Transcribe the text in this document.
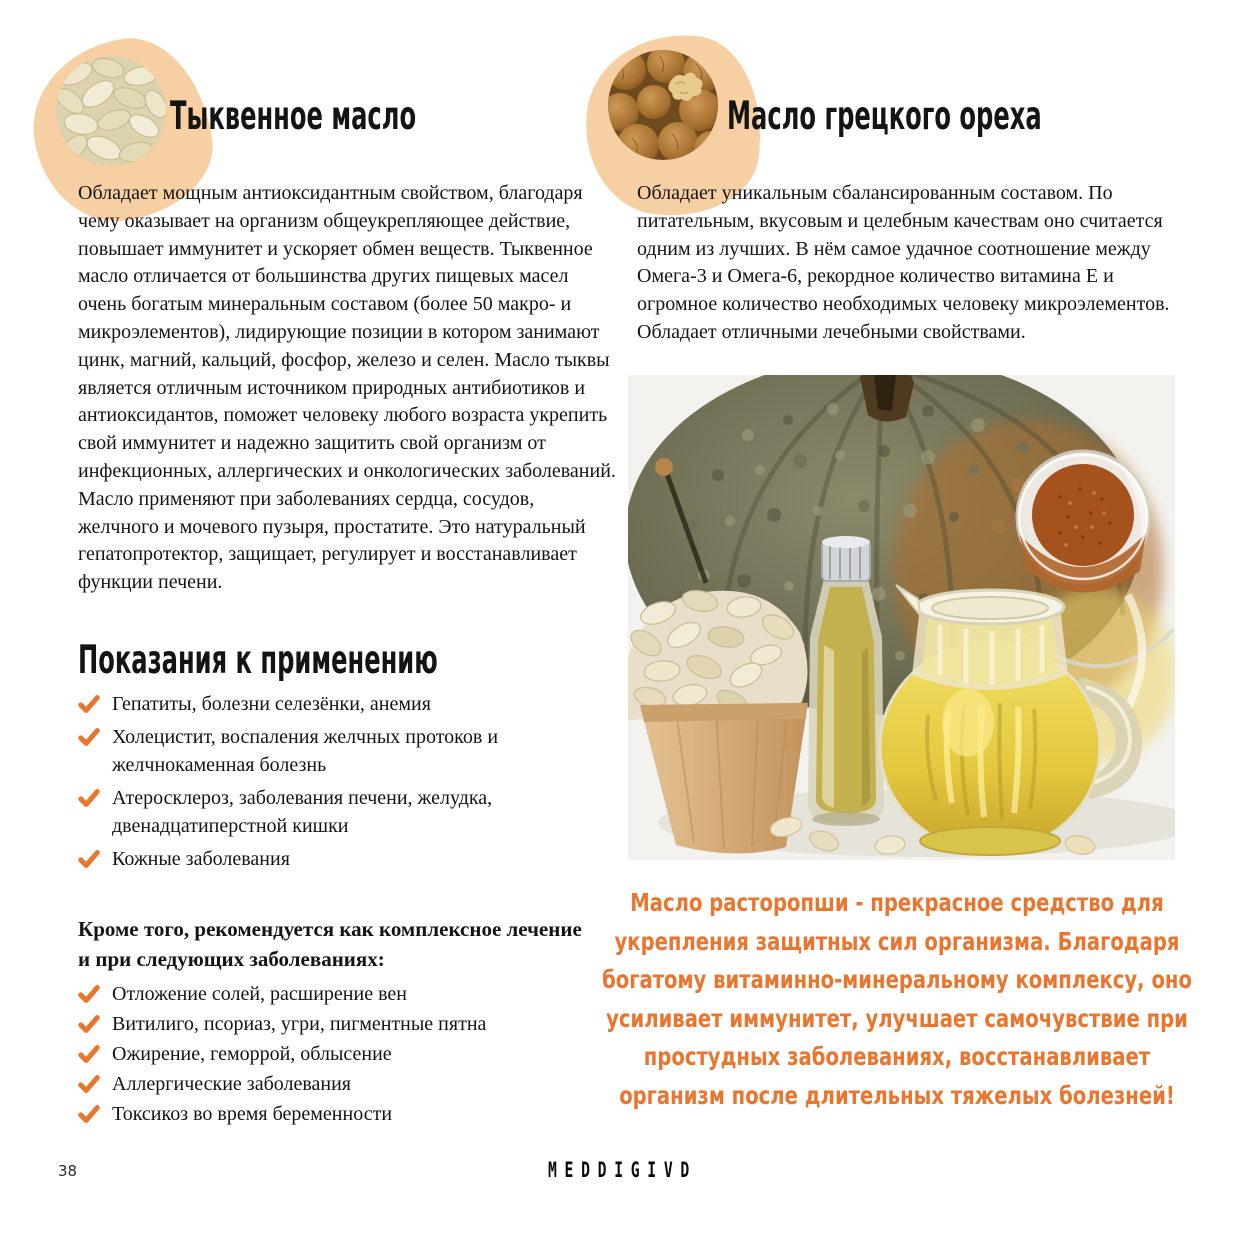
Тыквенное масло

Обладает мощным антиоксидантным свойством, благодаря чему оказывает на организм общеукрепляющее действие, повышает иммунитет и ускоряет обмен веществ. Тыквенное масло отличается от большинства других пищевых масел очень богатым минеральным составом (более 50 макро- и микроэлементов), лидирующие позиции в котором занимают цинк, магний, кальций, фосфор, железо и селен. Масло тыквы является отличным источником природных антибиотиков и антиоксидантов, поможет человеку любого возраста укрепить свой иммунитет и надежно защитить свой организм от инфекционных, аллергических и онкологических заболеваний. Масло применяют при заболеваниях сердца, сосудов, желчного и мочевого пузыря, простатите. Это натуральный гепатопротектор, защищает, регулирует и восстанавливает функции печени.

Показания к применению
Гепатиты, болезни селезёнки, анемия
Холецистит, воспаления желчных протоков и желчнокаменная болезнь
Атеросклероз, заболевания печени, желудка, двенадцатиперстной кишки
Кожные заболевания
Кроме того, рекомендуется как комплексное лечение и при следующих заболеваниях:
Отложение солей, расширение вен
Витилиго, псориаз, угри, пигментные пятна
Ожирение, геморрой, облысение
Аллергические заболевания
Токсикоз во время беременности
Масло грецкого ореха

Обладает уникальным сбалансированным составом. По питательным, вкусовым и целебным качествам оно считается одним из лучших. В нём самое удачное соотношение между Омега-3 и Омега-6, рекордное количество витамина Е и огромное количество необходимых человеку микроэлементов. Обладает отличными лечебными свойствами.

Масло расторопши - прекрасное средство для укрепления защитных сил организма. Благодаря богатому витаминно-минеральному комплексу, оно усиливает иммунитет, улучшает самочувствие при простудных заболеваниях, восстанавливает организм после длительных тяжелых болезней!
38	MEDDIGIVD
